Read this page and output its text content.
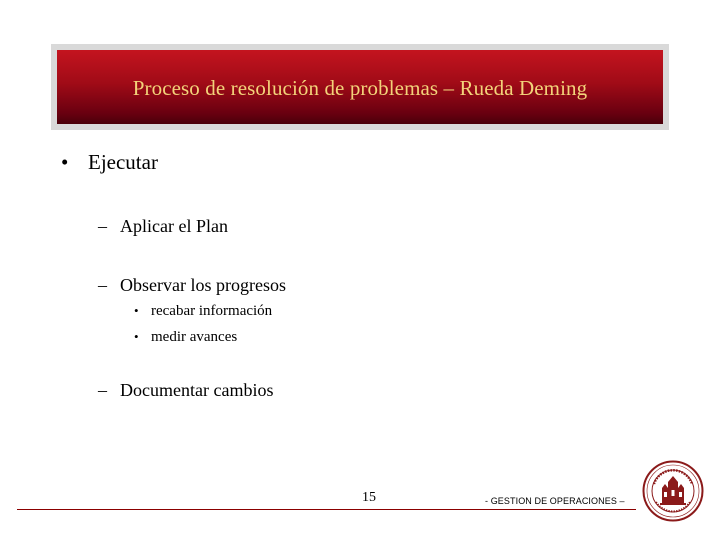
Proceso de resolución de problemas – Rueda Deming
• Ejecutar
– Aplicar el Plan
– Observar los progresos
• recabar información
• medir avances
– Documentar cambios
15	- GESTION DE OPERACIONES –
